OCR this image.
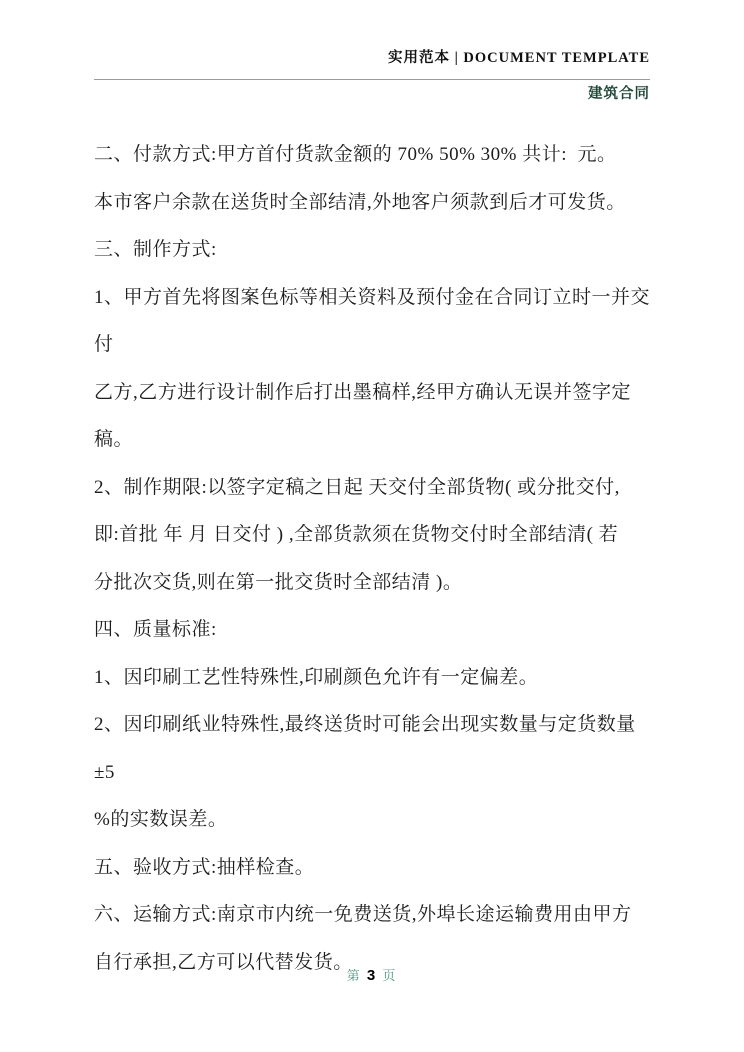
实用范本 | DOCUMENT TEMPLATE
建筑合同
二、付款方式:甲方首付货款金额的 70% 50% 30% 共计:  元。
本市客户余款在送货时全部结清,外地客户须款到后才可发货。
三、制作方式:
1、甲方首先将图案色标等相关资料及预付金在合同订立时一并交付
乙方,乙方进行设计制作后打出墨稿样,经甲方确认无误并签字定
稿。
2、制作期限:以签字定稿之日起 天交付全部货物( 或分批交付,
即:首批 年 月 日交付 ) ,全部货款须在货物交付时全部结清( 若
分批次交货,则在第一批交货时全部结清 )。
四、质量标准:
1、因印刷工艺性特殊性,印刷颜色允许有一定偏差。
2、因印刷纸业特殊性,最终送货时可能会出现实数量与定货数量±5
%的实数误差。
五、验收方式:抽样检查。
六、运输方式:南京市内统一免费送货,外埠长途运输费用由甲方
自行承担,乙方可以代替发货。
第 3 页
